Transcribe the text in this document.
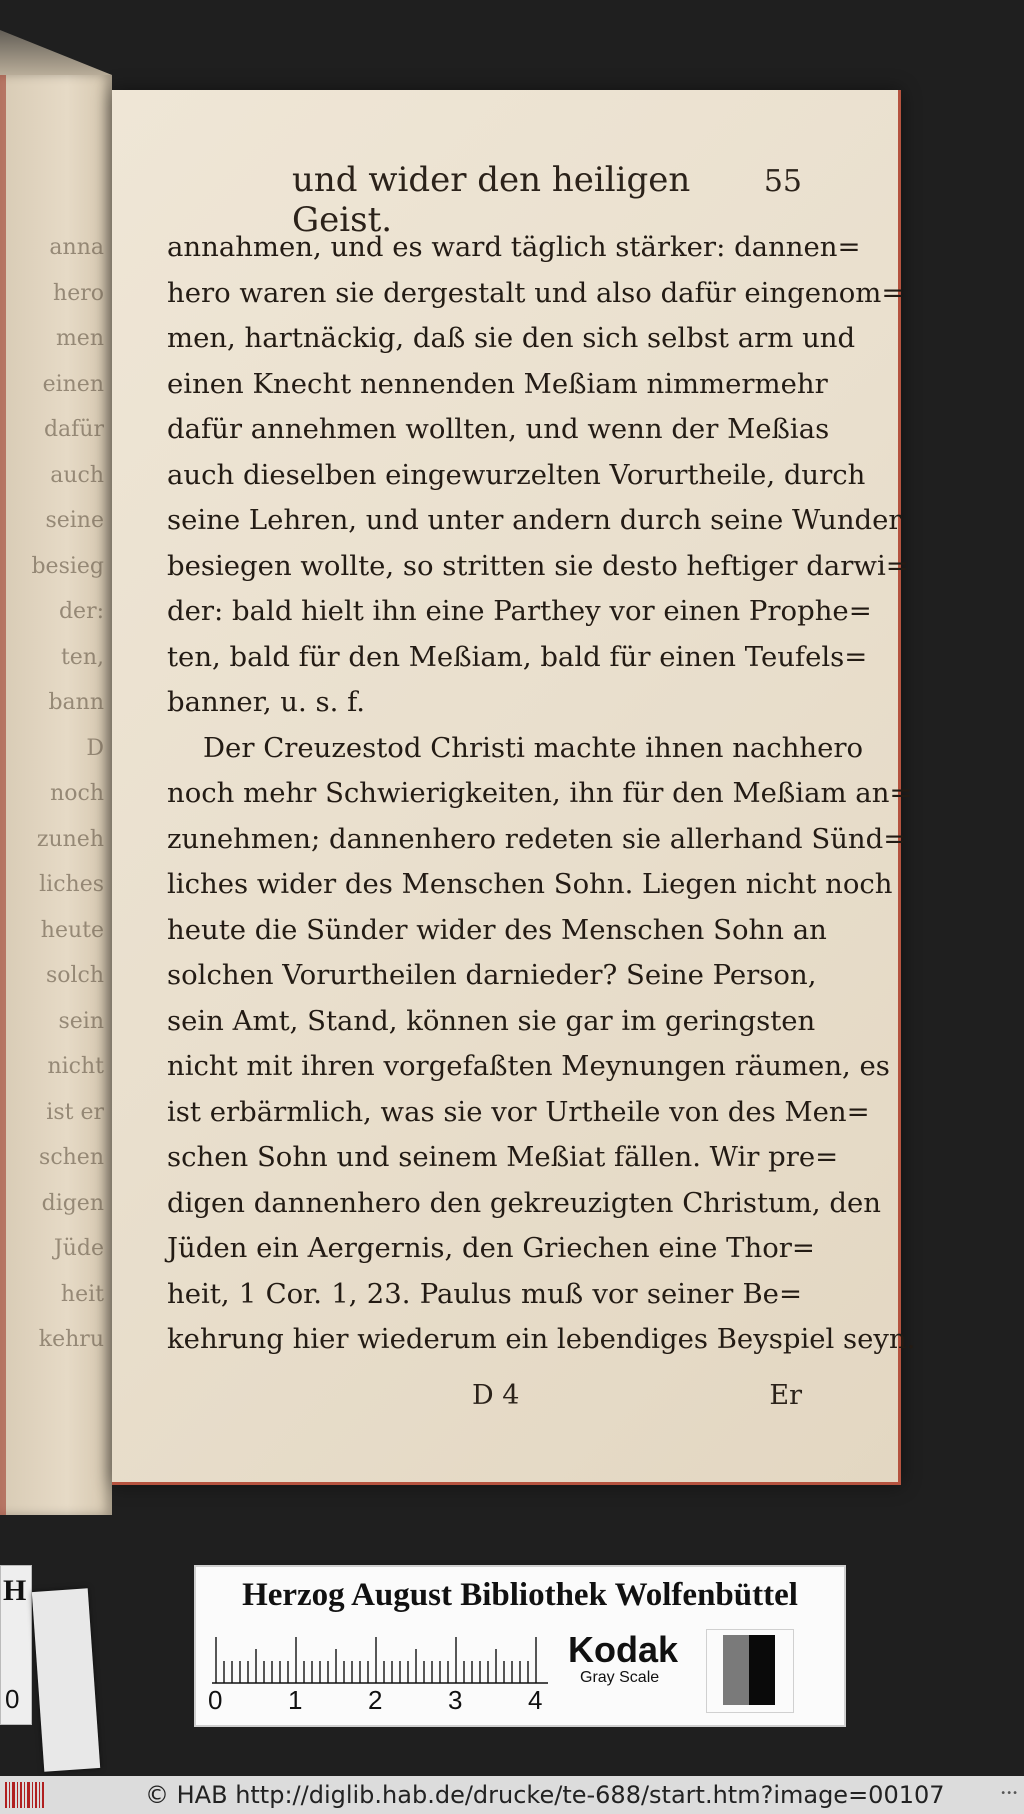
anna
hero
men
einen
dafür
auch
seine
besieg
der:
ten,
bann
D
noch
zuneh
liches
heute
solch
sein
nicht
ist er
schen
digen
Jüde
heit
kehru
und wider den heiligen Geist.
55
annahmen, und es ward täglich stärker: dannen=
hero waren sie dergestalt und also dafür eingenom=
men, hartnäckig, daß sie den sich selbst arm und
einen Knecht nennenden Meßiam nimmermehr
dafür annehmen wollten, und wenn der Meßias
auch dieselben eingewurzelten Vorurtheile, durch
seine Lehren, und unter andern durch seine Wunder
besiegen wollte, so stritten sie desto heftiger darwi=
der: bald hielt ihn eine Parthey vor einen Prophe=
ten, bald für den Meßiam, bald für einen Teufels=
banner, u. s. f.
Der Creuzestod Christi machte ihnen nachhero
noch mehr Schwierigkeiten, ihn für den Meßiam an=
zunehmen; dannenhero redeten sie allerhand Sünd=
liches wider des Menschen Sohn. Liegen nicht noch
heute die Sünder wider des Menschen Sohn an
solchen Vorurtheilen darnieder? Seine Person,
sein Amt, Stand, können sie gar im geringsten
nicht mit ihren vorgefaßten Meynungen räumen, es
ist erbärmlich, was sie vor Urtheile von des Men=
schen Sohn und seinem Meßiat fällen. Wir pre=
digen dannenhero den gekreuzigten Christum, den
Jüden ein Aergernis, den Griechen eine Thor=
heit, 1 Cor. 1, 23. Paulus muß vor seiner Be=
kehrung hier wiederum ein lebendiges Beyspiel seyn.
D 4	Er
Herzog August Bibliothek Wolfenbüttel
0	1	2	3	4
Kodak
Gray Scale
H
0
© HAB http://diglib.hab.de/drucke/te-688/start.htm?image=00107	•••
